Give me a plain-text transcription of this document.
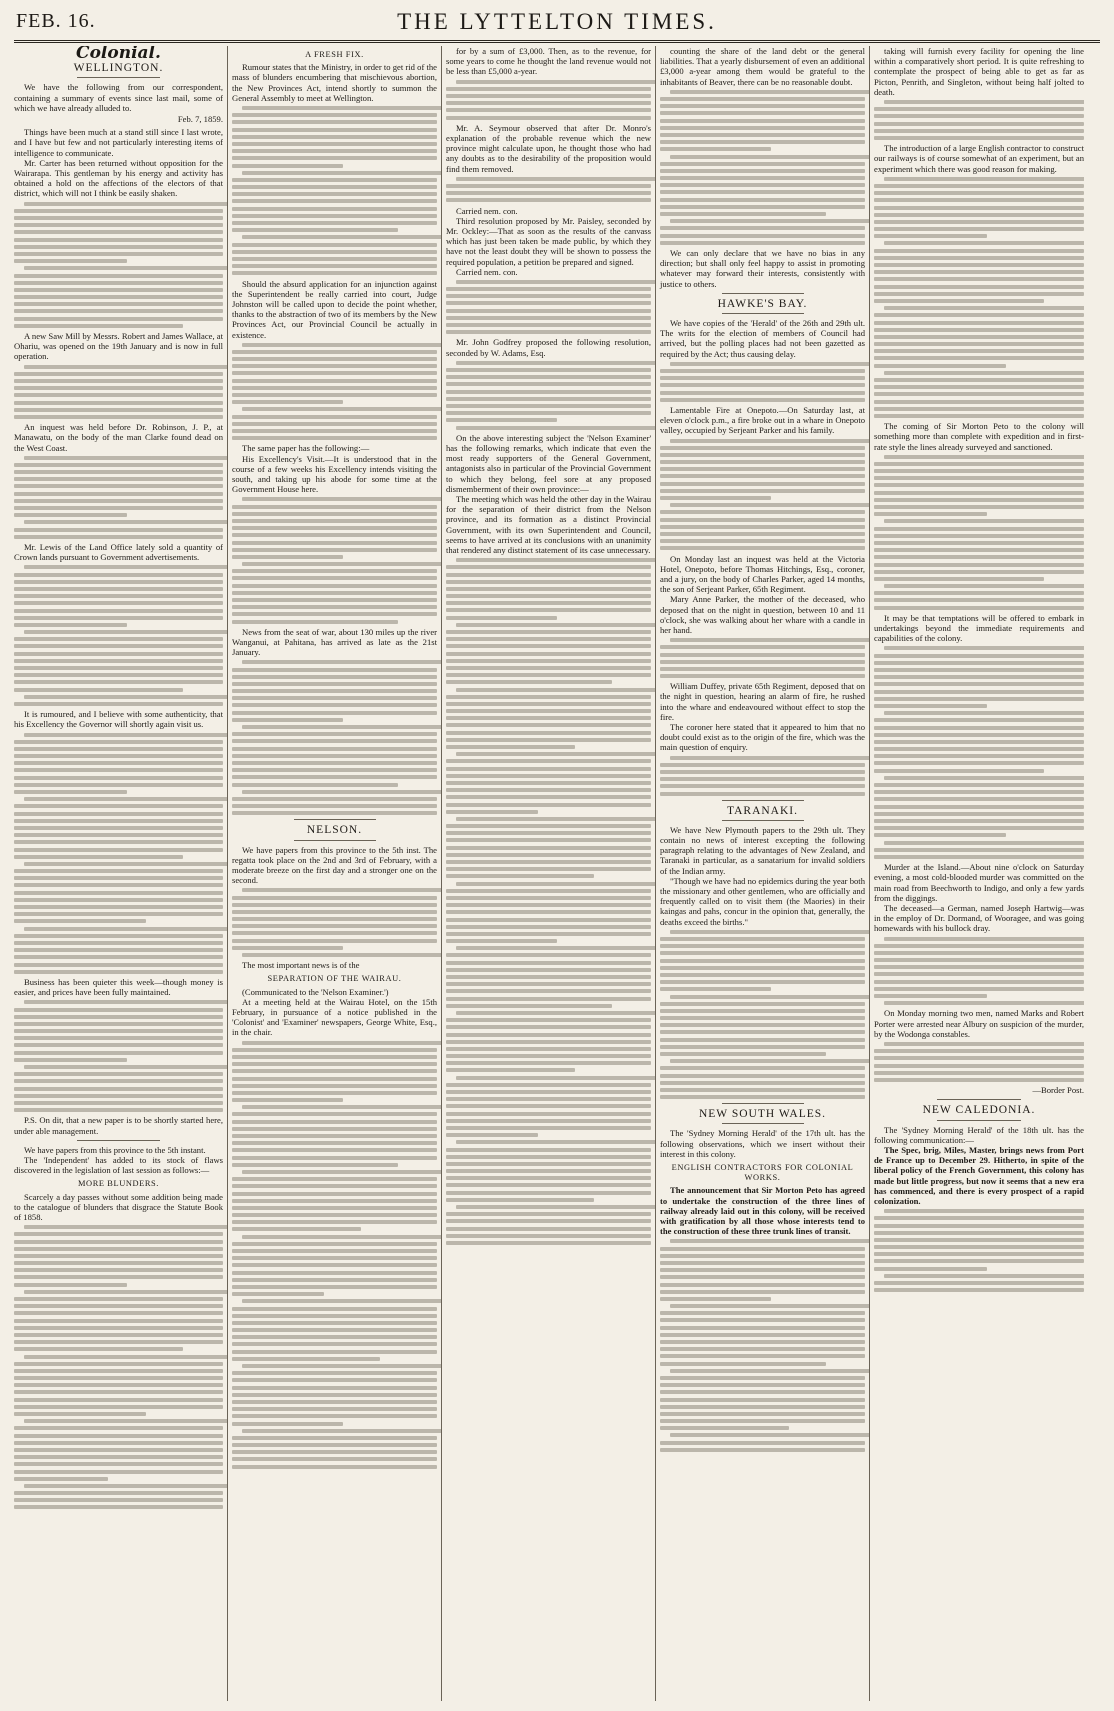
FEB. 16.	THE LYTTELTON TIMES.
Colonial.
WELLINGTON.

We have the following from our correspondent, containing a summary of events since last mail, some of which we have already alluded to.

Feb. 7, 1859.

Things have been much at a stand still since I last wrote, and I have but few and not particularly interesting items of intelligence to communicate.

Mr. Carter has been returned without opposition for the Wairarapa. This gentleman by his energy and activity has obtained a hold on the affections of the electors of that district, which will not I think be easily shaken.

A new Saw Mill by Messrs. Robert and James Wallace, at Ohariu, was opened on the 19th January and is now in full operation.

An inquest was held before Dr. Robinson, J. P., at Manawatu, on the body of the man Clarke found dead on the West Coast.

Mr. Lewis of the Land Office lately sold a quantity of Crown lands pursuant to Government advertisements.

It is rumoured, and I believe with some authenticity, that his Excellency the Governor will shortly again visit us.

Business has been quieter this week—though money is easier, and prices have been fully maintained.

P.S. On dit, that a new paper is to be shortly started here, under able management.

We have papers from this province to the 5th instant.

The 'Independent' has added to its stock of flaws discovered in the legislation of last session as follows:—

MORE BLUNDERS.

Scarcely a day passes without some addition being made to the catalogue of blunders that disgrace the Statute Book of 1858.

A FRESH FIX.

Rumour states that the Ministry, in order to get rid of the mass of blunders encumbering that mischievous abortion, the New Provinces Act, intend shortly to summon the General Assembly to meet at Wellington.

Should the absurd application for an injunction against the Superintendent be really carried into court, Judge Johnston will be called upon to decide the point whether, thanks to the abstraction of two of its members by the New Provinces Act, our Provincial Council be actually in existence.

The same paper has the following:—

His Excellency's Visit.—It is understood that in the course of a few weeks his Excellency intends visiting the south, and taking up his abode for some time at the Government House here.

News from the seat of war, about 130 miles up the river Wanganui, at Pahitana, has arrived as late as the 21st January.

NELSON.

We have papers from this province to the 5th inst. The regatta took place on the 2nd and 3rd of February, with a moderate breeze on the first day and a stronger one on the second.

The most important news is of the

SEPARATION OF THE WAIRAU.

(Communicated to the 'Nelson Examiner.')

At a meeting held at the Wairau Hotel, on the 15th February, in pursuance of a notice published in the 'Colonist' and 'Examiner' newspapers, George White, Esq., in the chair.

for by a sum of £3,000. Then, as to the revenue, for some years to come he thought the land revenue would not be less than £5,000 a-year.

Mr. A. Seymour observed that after Dr. Monro's explanation of the probable revenue which the new province might calculate upon, he thought those who had any doubts as to the desirability of the proposition would find them removed.

Carried nem. con.

Third resolution proposed by Mr. Paisley, seconded by Mr. Ockley:—That as soon as the results of the canvass which has just been taken be made public, by which they have not the least doubt they will be shown to possess the required population, a petition be prepared and signed.

Carried nem. con.

Mr. John Godfrey proposed the following resolution, seconded by W. Adams, Esq.

On the above interesting subject the 'Nelson Examiner' has the following remarks, which indicate that even the most ready supporters of the General Government, antagonists also in particular of the Provincial Government to which they belong, feel sore at any proposed dismemberment of their own province:—

The meeting which was held the other day in the Wairau for the separation of their district from the Nelson province, and its formation as a distinct Provincial Government, with its own Superintendent and Council, seems to have arrived at its conclusions with an unanimity that rendered any distinct statement of its case unnecessary.

counting the share of the land debt or the general liabilities. That a yearly disbursement of even an additional £3,000 a-year among them would be grateful to the inhabitants of Beaver, there can be no reasonable doubt.

We can only declare that we have no bias in any direction; but shall only feel happy to assist in promoting whatever may forward their interests, consistently with justice to others.

HAWKE'S BAY.

We have copies of the 'Herald' of the 26th and 29th ult. The writs for the election of members of Council had arrived, but the polling places had not been gazetted as required by the Act; thus causing delay.

Lamentable Fire at Onepoto.—On Saturday last, at eleven o'clock p.m., a fire broke out in a whare in Onepoto valley, occupied by Serjeant Parker and his family.

On Monday last an inquest was held at the Victoria Hotel, Onepoto, before Thomas Hitchings, Esq., coroner, and a jury, on the body of Charles Parker, aged 14 months, the son of Serjeant Parker, 65th Regiment.

Mary Anne Parker, the mother of the deceased, who deposed that on the night in question, between 10 and 11 o'clock, she was walking about her whare with a candle in her hand.

William Duffey, private 65th Regiment, deposed that on the night in question, hearing an alarm of fire, he rushed into the whare and endeavoured without effect to stop the fire.

The coroner here stated that it appeared to him that no doubt could exist as to the origin of the fire, which was the main question of enquiry.

TARANAKI.

We have New Plymouth papers to the 29th ult. They contain no news of interest excepting the following paragraph relating to the advantages of New Zealand, and Taranaki in particular, as a sanatarium for invalid soldiers of the Indian army.

"Though we have had no epidemics during the year both the missionary and other gentlemen, who are officially and frequently called on to visit them (the Maories) in their kaingas and pahs, concur in the opinion that, generally, the deaths exceed the births."

NEW SOUTH WALES.

The 'Sydney Morning Herald' of the 17th ult. has the following observations, which we insert without their interest in this colony.

ENGLISH CONTRACTORS FOR COLONIAL WORKS.

The announcement that Sir Morton Peto has agreed to undertake the construction of the three lines of railway already laid out in this colony, will be received with gratification by all those whose interests tend to the construction of these three trunk lines of transit.

taking will furnish every facility for opening the line within a comparatively short period. It is quite refreshing to contemplate the prospect of being able to get as far as Picton, Penrith, and Singleton, without being half jolted to death.

The introduction of a large English contractor to construct our railways is of course somewhat of an experiment, but an experiment which there was good reason for making.

The coming of Sir Morton Peto to the colony will something more than complete with expedition and in first-rate style the lines already surveyed and sanctioned.

It may be that temptations will be offered to embark in undertakings beyond the immediate requirements and capabilities of the colony.

Murder at the Island.—About nine o'clock on Saturday evening, a most cold-blooded murder was committed on the main road from Beechworth to Indigo, and only a few yards from the diggings.

The deceased—a German, named Joseph Hartwig—was in the employ of Dr. Dormand, of Wooragee, and was going homewards with his bullock dray.

On Monday morning two men, named Marks and Robert Porter were arrested near Albury on suspicion of the murder, by the Wodonga constables.

—Border Post.
NEW CALEDONIA.

The 'Sydney Morning Herald' of the 18th ult. has the following communication:—

The Spec, brig, Miles, Master, brings news from Port de France up to December 29. Hitherto, in spite of the liberal policy of the French Government, this colony has made but little progress, but now it seems that a new era has commenced, and there is every prospect of a rapid colonization.
